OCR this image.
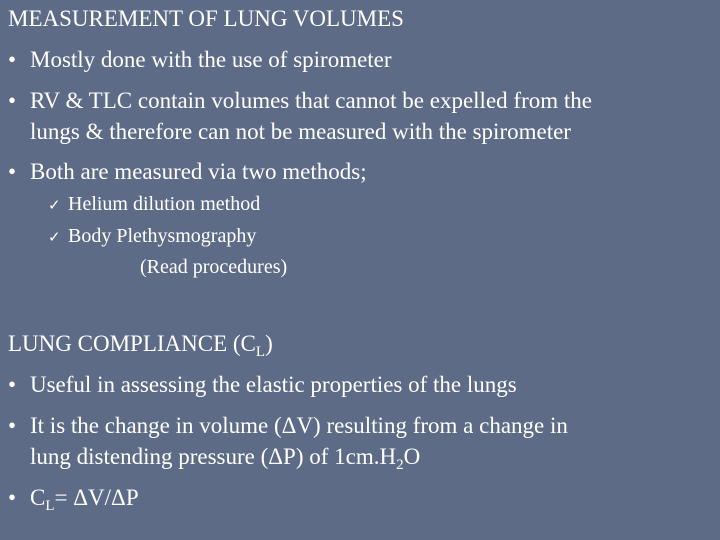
MEASUREMENT OF LUNG VOLUMES
• Mostly done with the use of spirometer
• RV & TLC contain volumes that cannot be expelled from the
lungs & therefore can not be measured with the spirometer
• Both are measured via two methods;
✓ Helium dilution method
✓ Body Plethysmography
(Read procedures)
LUNG COMPLIANCE $(C_L)$
• Useful in assessing the elastic properties of the lungs
• It is the change in volume (ΔV) resulting from a change in
lung distending pressure (ΔP) of $1cm.H_2O$
• $C_L= \Delta V/\Delta P$
